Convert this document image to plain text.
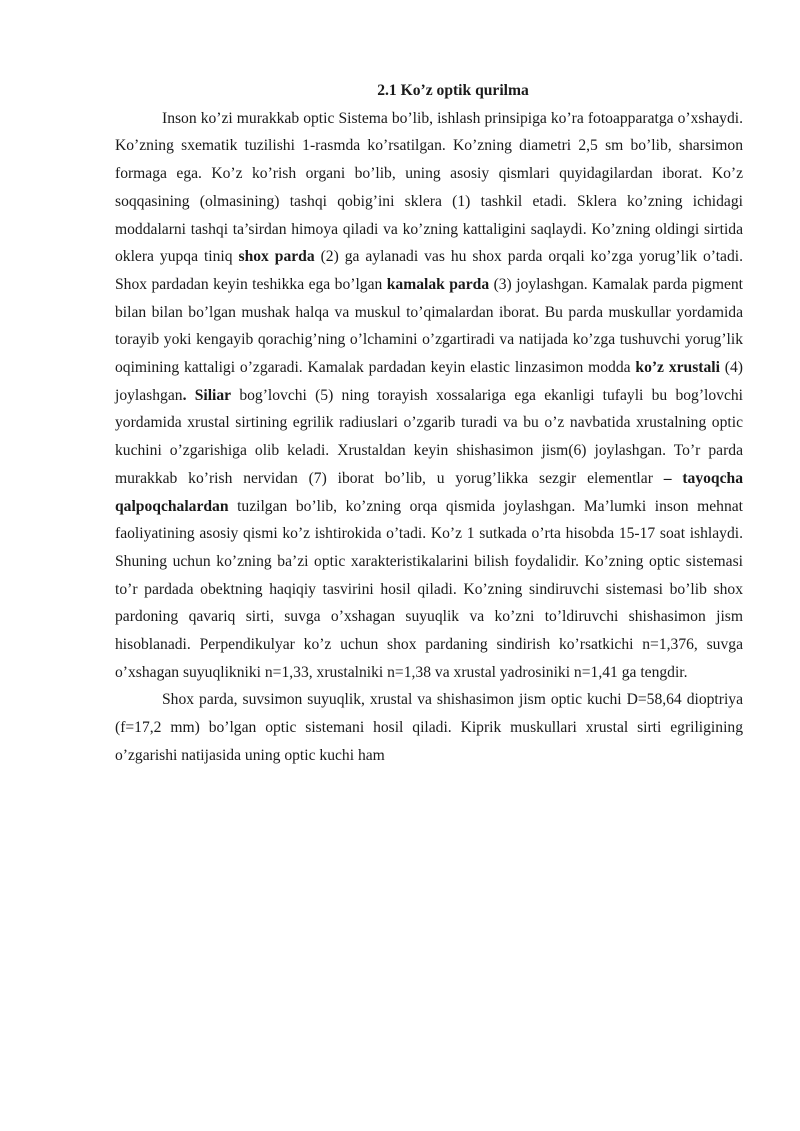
2.1 Ko’z optik qurilma

Inson ko’zi murakkab optic Sistema bo’lib, ishlash prinsipiga ko’ra fotoapparatga o’xshaydi. Ko’zning sxematik tuzilishi 1-rasmda ko’rsatilgan. Ko’zning diametri 2,5 sm bo’lib, sharsimon formaga ega. Ko’z ko’rish organi bo’lib, uning asosiy qismlari quyidagilardan iborat. Ko’z soqqasining (olmasining) tashqi qobig’ini sklera (1) tashkil etadi. Sklera ko’zning ichidagi moddalarni tashqi ta’sirdan himoya qiladi va ko’zning kattaligini saqlaydi. Ko’zning oldingi sirtida oklera yupqa tiniq shox parda (2) ga aylanadi vas hu shox parda orqali ko’zga yorug’lik o’tadi. Shox pardadan keyin teshikka ega bo’lgan kamalak parda (3) joylashgan. Kamalak parda pigment bilan bilan bo’lgan mushak halqa va muskul to’qimalardan iborat. Bu parda muskullar yordamida torayib yoki kengayib qorachig’ning o’lchamini o’zgartiradi va natijada ko’zga tushuvchi yorug’lik oqimining kattaligi o’zgaradi. Kamalak pardadan keyin elastic linzasimon modda ko’z xrustali (4) joylashgan. Siliar bog’lovchi (5) ning torayish xossalariga ega ekanligi tufayli bu bog’lovchi yordamida xrustal sirtining egrilik radiuslari o’zgarib turadi va bu o’z navbatida xrustalning optic kuchini o’zgarishiga olib keladi. Xrustaldan keyin shishasimon jism(6) joylashgan. To’r parda murakkab ko’rish nervidan (7) iborat bo’lib, u yorug’likka sezgir elementlar – tayoqcha qalpoqchalardan tuzilgan bo’lib, ko’zning orqa qismida joylashgan. Ma’lumki inson mehnat faoliyatining asosiy qismi ko’z ishtirokida o’tadi. Ko’z 1 sutkada o’rta hisobda 15-17 soat ishlaydi. Shuning uchun ko’zning ba’zi optic xarakteristikalarini bilish foydalidir. Ko’zning optic sistemasi to’r pardada obektning haqiqiy tasvirini hosil qiladi. Ko’zning sindiruvchi sistemasi bo’lib shox pardoning qavariq sirti, suvga o’xshagan suyuqlik va ko’zni to’ldiruvchi shishasimon jism hisoblanadi. Perpendikulyar ko’z uchun shox pardaning sindirish ko’rsatkichi n=1,376, suvga o’xshagan suyuqlikniki n=1,33, xrustalniki n=1,38 va xrustal yadrosiniki n=1,41 ga tengdir.

Shox parda, suvsimon suyuqlik, xrustal va shishasimon jism optic kuchi D=58,64 dioptriya (f=17,2 mm) bo’lgan optic sistemani hosil qiladi. Kiprik muskullari xrustal sirti egriligining o’zgarishi natijasida uning optic kuchi ham
